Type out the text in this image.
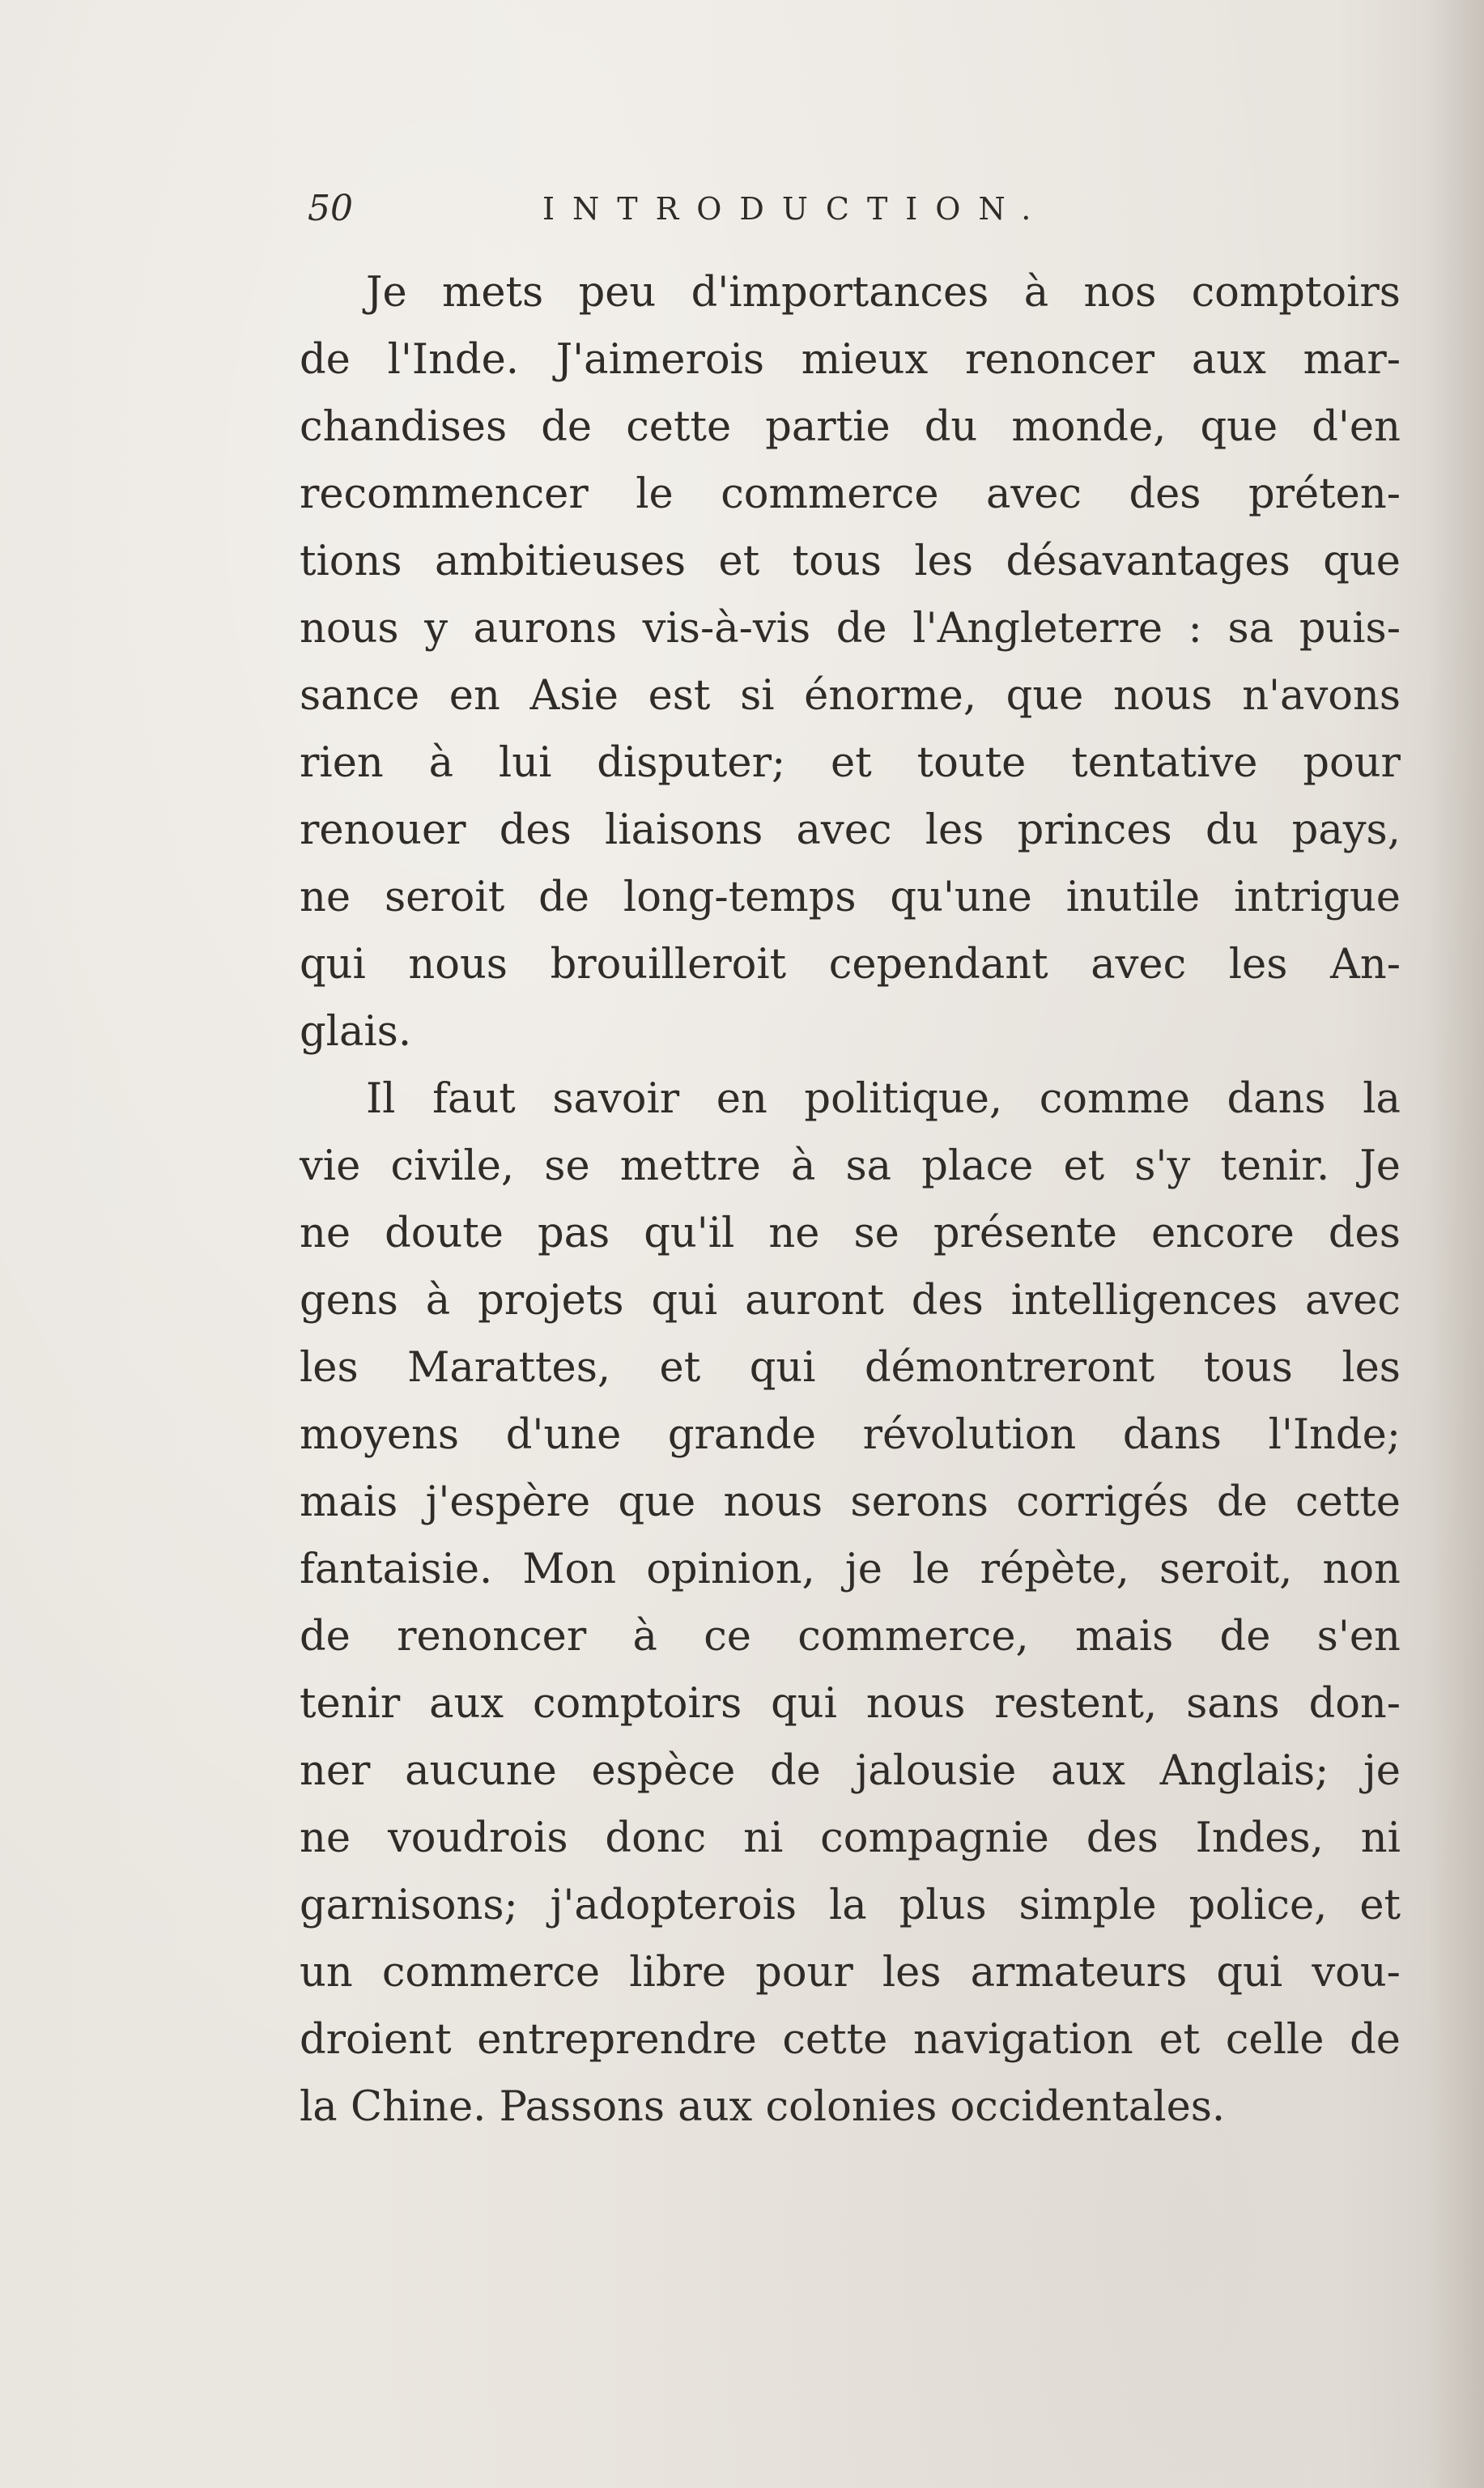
50	INTRODUCTION.
Je mets peu d'importances à nos comptoirs
de l'Inde. J'aimerois mieux renoncer aux mar-
chandises de cette partie du monde, que d'en
recommencer le commerce avec des préten-
tions ambitieuses et tous les désavantages que
nous y aurons vis-à-vis de l'Angleterre : sa puis-
sance en Asie est si énorme, que nous n'avons
rien à lui disputer; et toute tentative pour
renouer des liaisons avec les princes du pays,
ne seroit de long-temps qu'une inutile intrigue
qui nous brouilleroit cependant avec les An-
glais.

Il faut savoir en politique, comme dans la
vie civile, se mettre à sa place et s'y tenir. Je
ne doute pas qu'il ne se présente encore des
gens à projets qui auront des intelligences avec
les Marattes, et qui démontreront tous les
moyens d'une grande révolution dans l'Inde;
mais j'espère que nous serons corrigés de cette
fantaisie. Mon opinion, je le répète, seroit, non
de renoncer à ce commerce, mais de s'en
tenir aux comptoirs qui nous restent, sans don-
ner aucune espèce de jalousie aux Anglais; je
ne voudrois donc ni compagnie des Indes, ni
garnisons; j'adopterois la plus simple police, et
un commerce libre pour les armateurs qui vou-
droient entreprendre cette navigation et celle de
la
Chine.
Passons
aux
colonies
occidentales.
